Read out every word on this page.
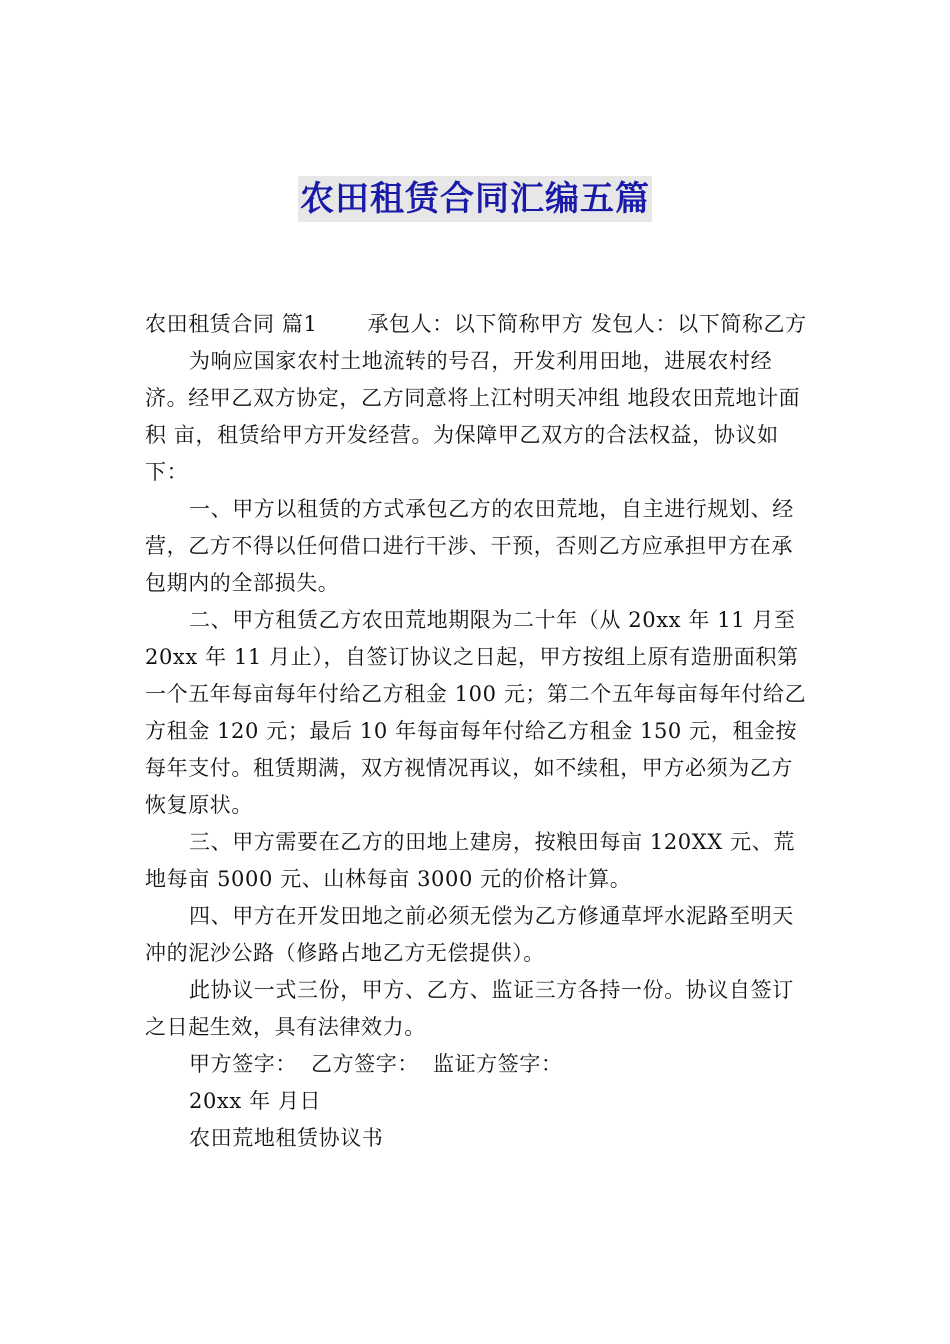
农田租赁合同汇编五篇

农田租赁合同 篇1 承包人：以下简称甲方 发包人：以下简称乙方

为响应国家农村土地流转的号召，开发利用田地，进展农村经济。经甲乙双方协定，乙方同意将上江村明天冲组 地段农田荒地计面积 亩，租赁给甲方开发经营。为保障甲乙双方的合法权益，协议如下：

一、甲方以租赁的方式承包乙方的农田荒地，自主进行规划、经营，乙方不得以任何借口进行干涉、干预，否则乙方应承担甲方在承包期内的全部损失。

二、甲方租赁乙方农田荒地期限为二十年（从 20xx 年 11 月至 20xx 年 11 月止），自签订协议之日起，甲方按组上原有造册面积第一个五年每亩每年付给乙方租金 100 元；第二个五年每亩每年付给乙方租金 120 元；最后 10 年每亩每年付给乙方租金 150 元，租金按每年支付。租赁期满，双方视情况再议，如不续租，甲方必须为乙方恢复原状。

三、甲方需要在乙方的田地上建房，按粮田每亩 120XX 元、荒地每亩 5000 元、山林每亩 3000 元的价格计算。

四、甲方在开发田地之前必须无偿为乙方修通草坪水泥路至明天冲的泥沙公路（修路占地乙方无偿提供）。

此协议一式三份，甲方、乙方、监证三方各持一份。协议自签订之日起生效，具有法律效力。

甲方签字： 乙方签字： 监证方签字：

20xx 年 月日

农田荒地租赁协议书
